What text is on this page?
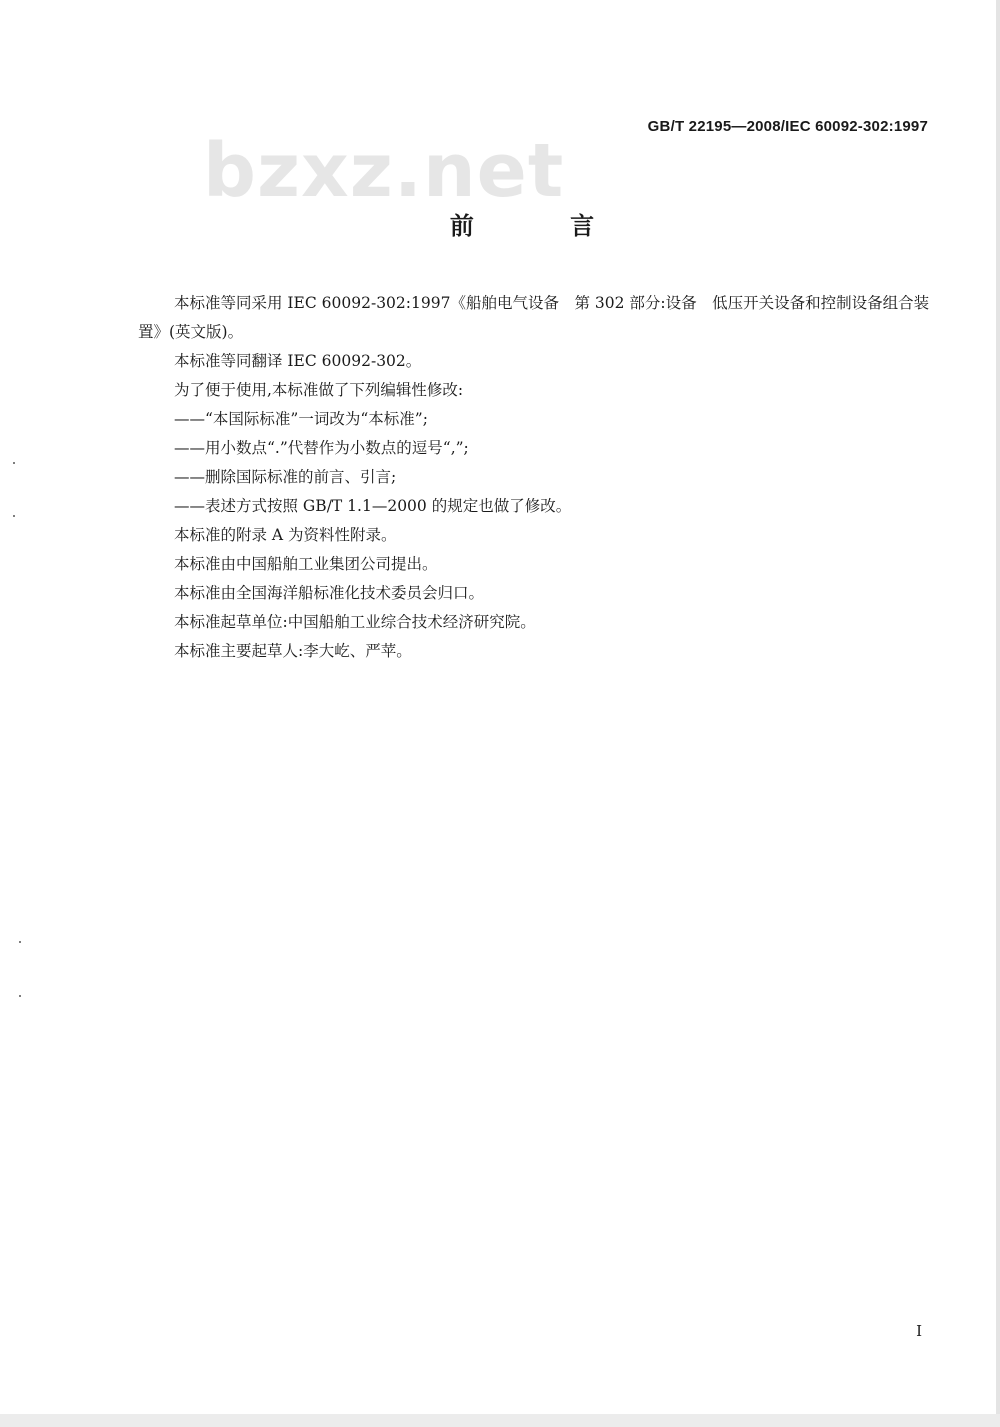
bzxz.net
GB/T 22195—2008/IEC 60092-302:1997
前 言

本标准等同采用 IEC 60092-302:1997《船舶电气设备　第 302 部分:设备　低压开关设备和控制设备组合装置》(英文版)。

本标准等同翻译 IEC 60092-302。

为了便于使用,本标准做了下列编辑性修改:

——“本国际标准”一词改为“本标准”;

——用小数点“.”代替作为小数点的逗号“,”;

——删除国际标准的前言、引言;

——表述方式按照 GB/T 1.1—2000 的规定也做了修改。

本标准的附录 A 为资料性附录。

本标准由中国船舶工业集团公司提出。

本标准由全国海洋船标准化技术委员会归口。

本标准起草单位:中国船舶工业综合技术经济研究院。

本标准主要起草人:李大屹、严苹。

I
